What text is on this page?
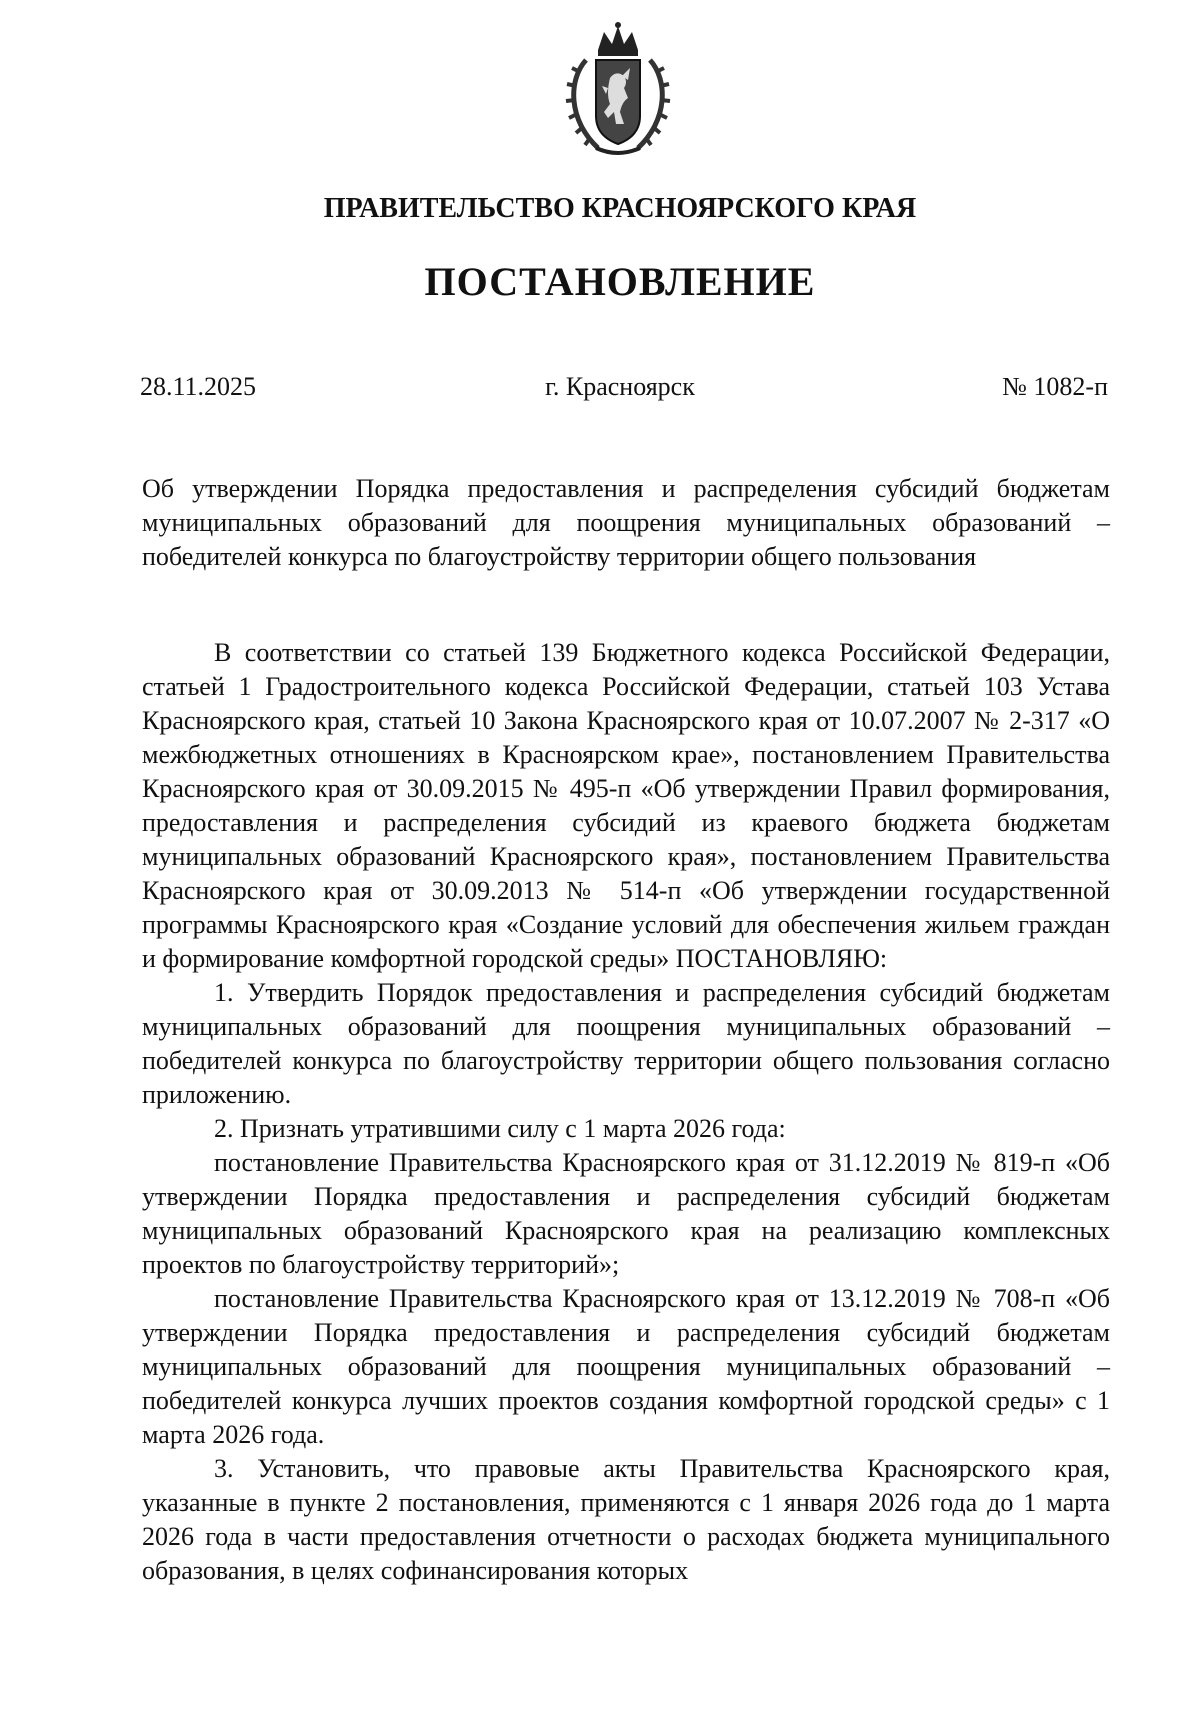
ПРАВИТЕЛЬСТВО КРАСНОЯРСКОГО КРАЯ
ПОСТАНОВЛЕНИЕ
28.11.2025	г. Красноярск	№ 1082-п
Об утверждении Порядка предоставления и распределения субсидий бюджетам муниципальных образований для поощрения муниципальных образований – победителей конкурса по благоустройству территории общего пользования

В соответствии со статьей 139 Бюджетного кодекса Российской Федерации, статьей 1 Градостроительного кодекса Российской Федерации, статьей 103 Устава Красноярского края, статьей 10 Закона Красноярского края от 10.07.2007 № 2-317 «О межбюджетных отношениях в Красноярском крае», постановлением Правительства Красноярского края от 30.09.2015 № 495-п «Об утверждении Правил формирования, предоставления и распределения субсидий из краевого бюджета бюджетам муниципальных образований Красноярского края», постановлением Правительства Красноярского края от 30.09.2013 № 514-п «Об утверждении государственной программы Красноярского края «Создание условий для обеспечения жильем граждан и формирование комфортной городской среды» ПОСТАНОВЛЯЮ:

1. Утвердить Порядок предоставления и распределения субсидий бюджетам муниципальных образований для поощрения муниципальных образований – победителей конкурса по благоустройству территории общего пользования согласно приложению.

2. Признать утратившими силу с 1 марта 2026 года:

постановление Правительства Красноярского края от 31.12.2019 № 819-п «Об утверждении Порядка предоставления и распределения субсидий бюджетам муниципальных образований Красноярского края на реализацию комплексных проектов по благоустройству территорий»;

постановление Правительства Красноярского края от 13.12.2019 № 708-п «Об утверждении Порядка предоставления и распределения субсидий бюджетам муниципальных образований для поощрения муниципальных образований – победителей конкурса лучших проектов создания комфортной городской среды» с 1 марта 2026 года.

3. Установить, что правовые акты Правительства Красноярского края, указанные в пункте 2 постановления, применяются с 1 января 2026 года до 1 марта 2026 года в части предоставления отчетности о расходах бюджета муниципального образования, в целях софинансирования которых
